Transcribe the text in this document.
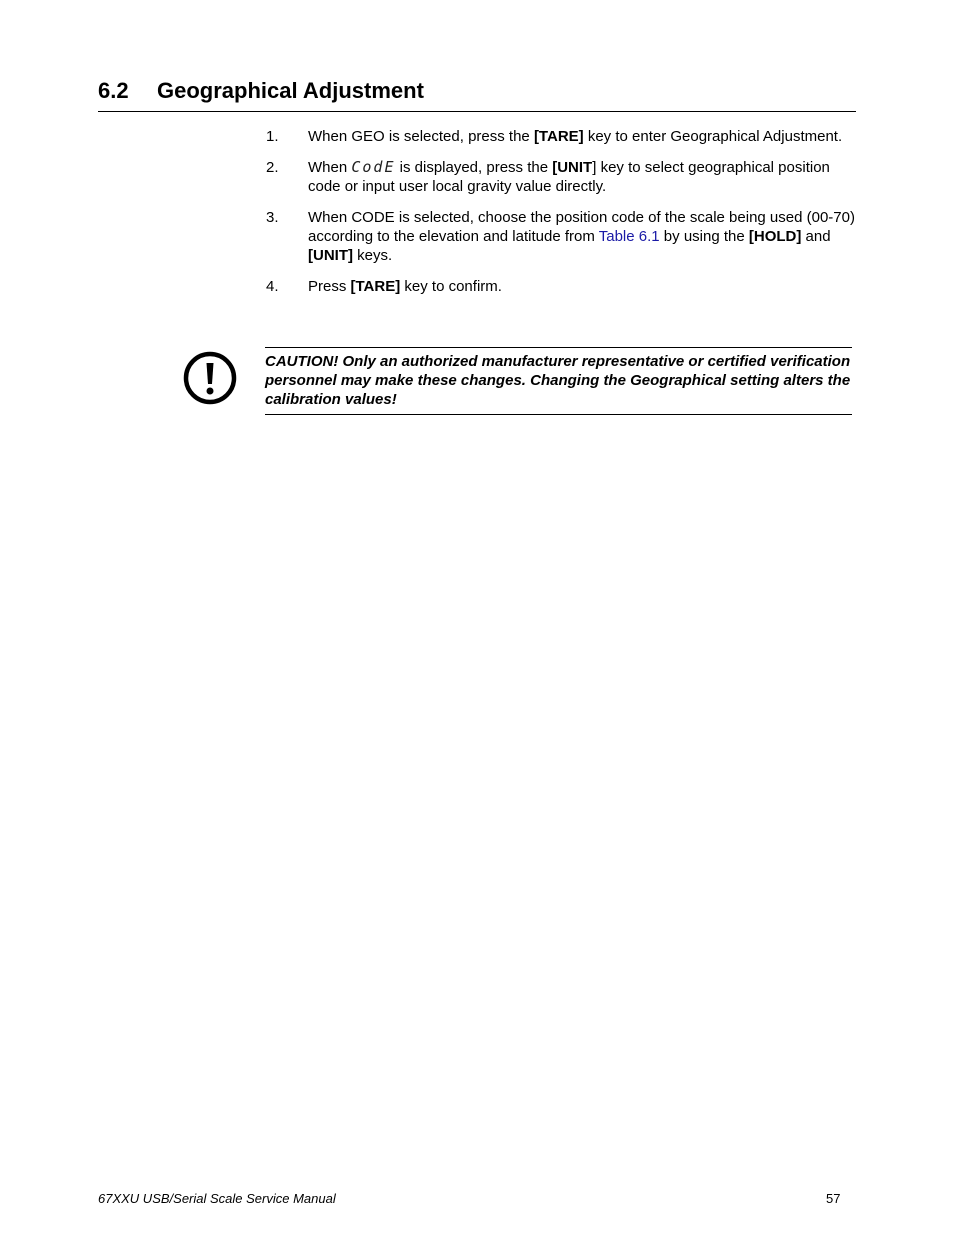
6.2 Geographical Adjustment
1. When GEO is selected, press the [TARE] key to enter Geographical Adjustment.
2. When CodE is displayed, press the [UNIT] key to select geographical position code or input user local gravity value directly.
3. When CODE is selected, choose the position code of the scale being used (00-70) according to the elevation and latitude from Table 6.1 by using the [HOLD] and [UNIT] keys.
4. Press [TARE] key to confirm.
CAUTION! Only an authorized manufacturer representative or certified verification personnel may make these changes. Changing the Geographical setting alters the calibration values!
67XXU USB/Serial Scale Service Manual	57
